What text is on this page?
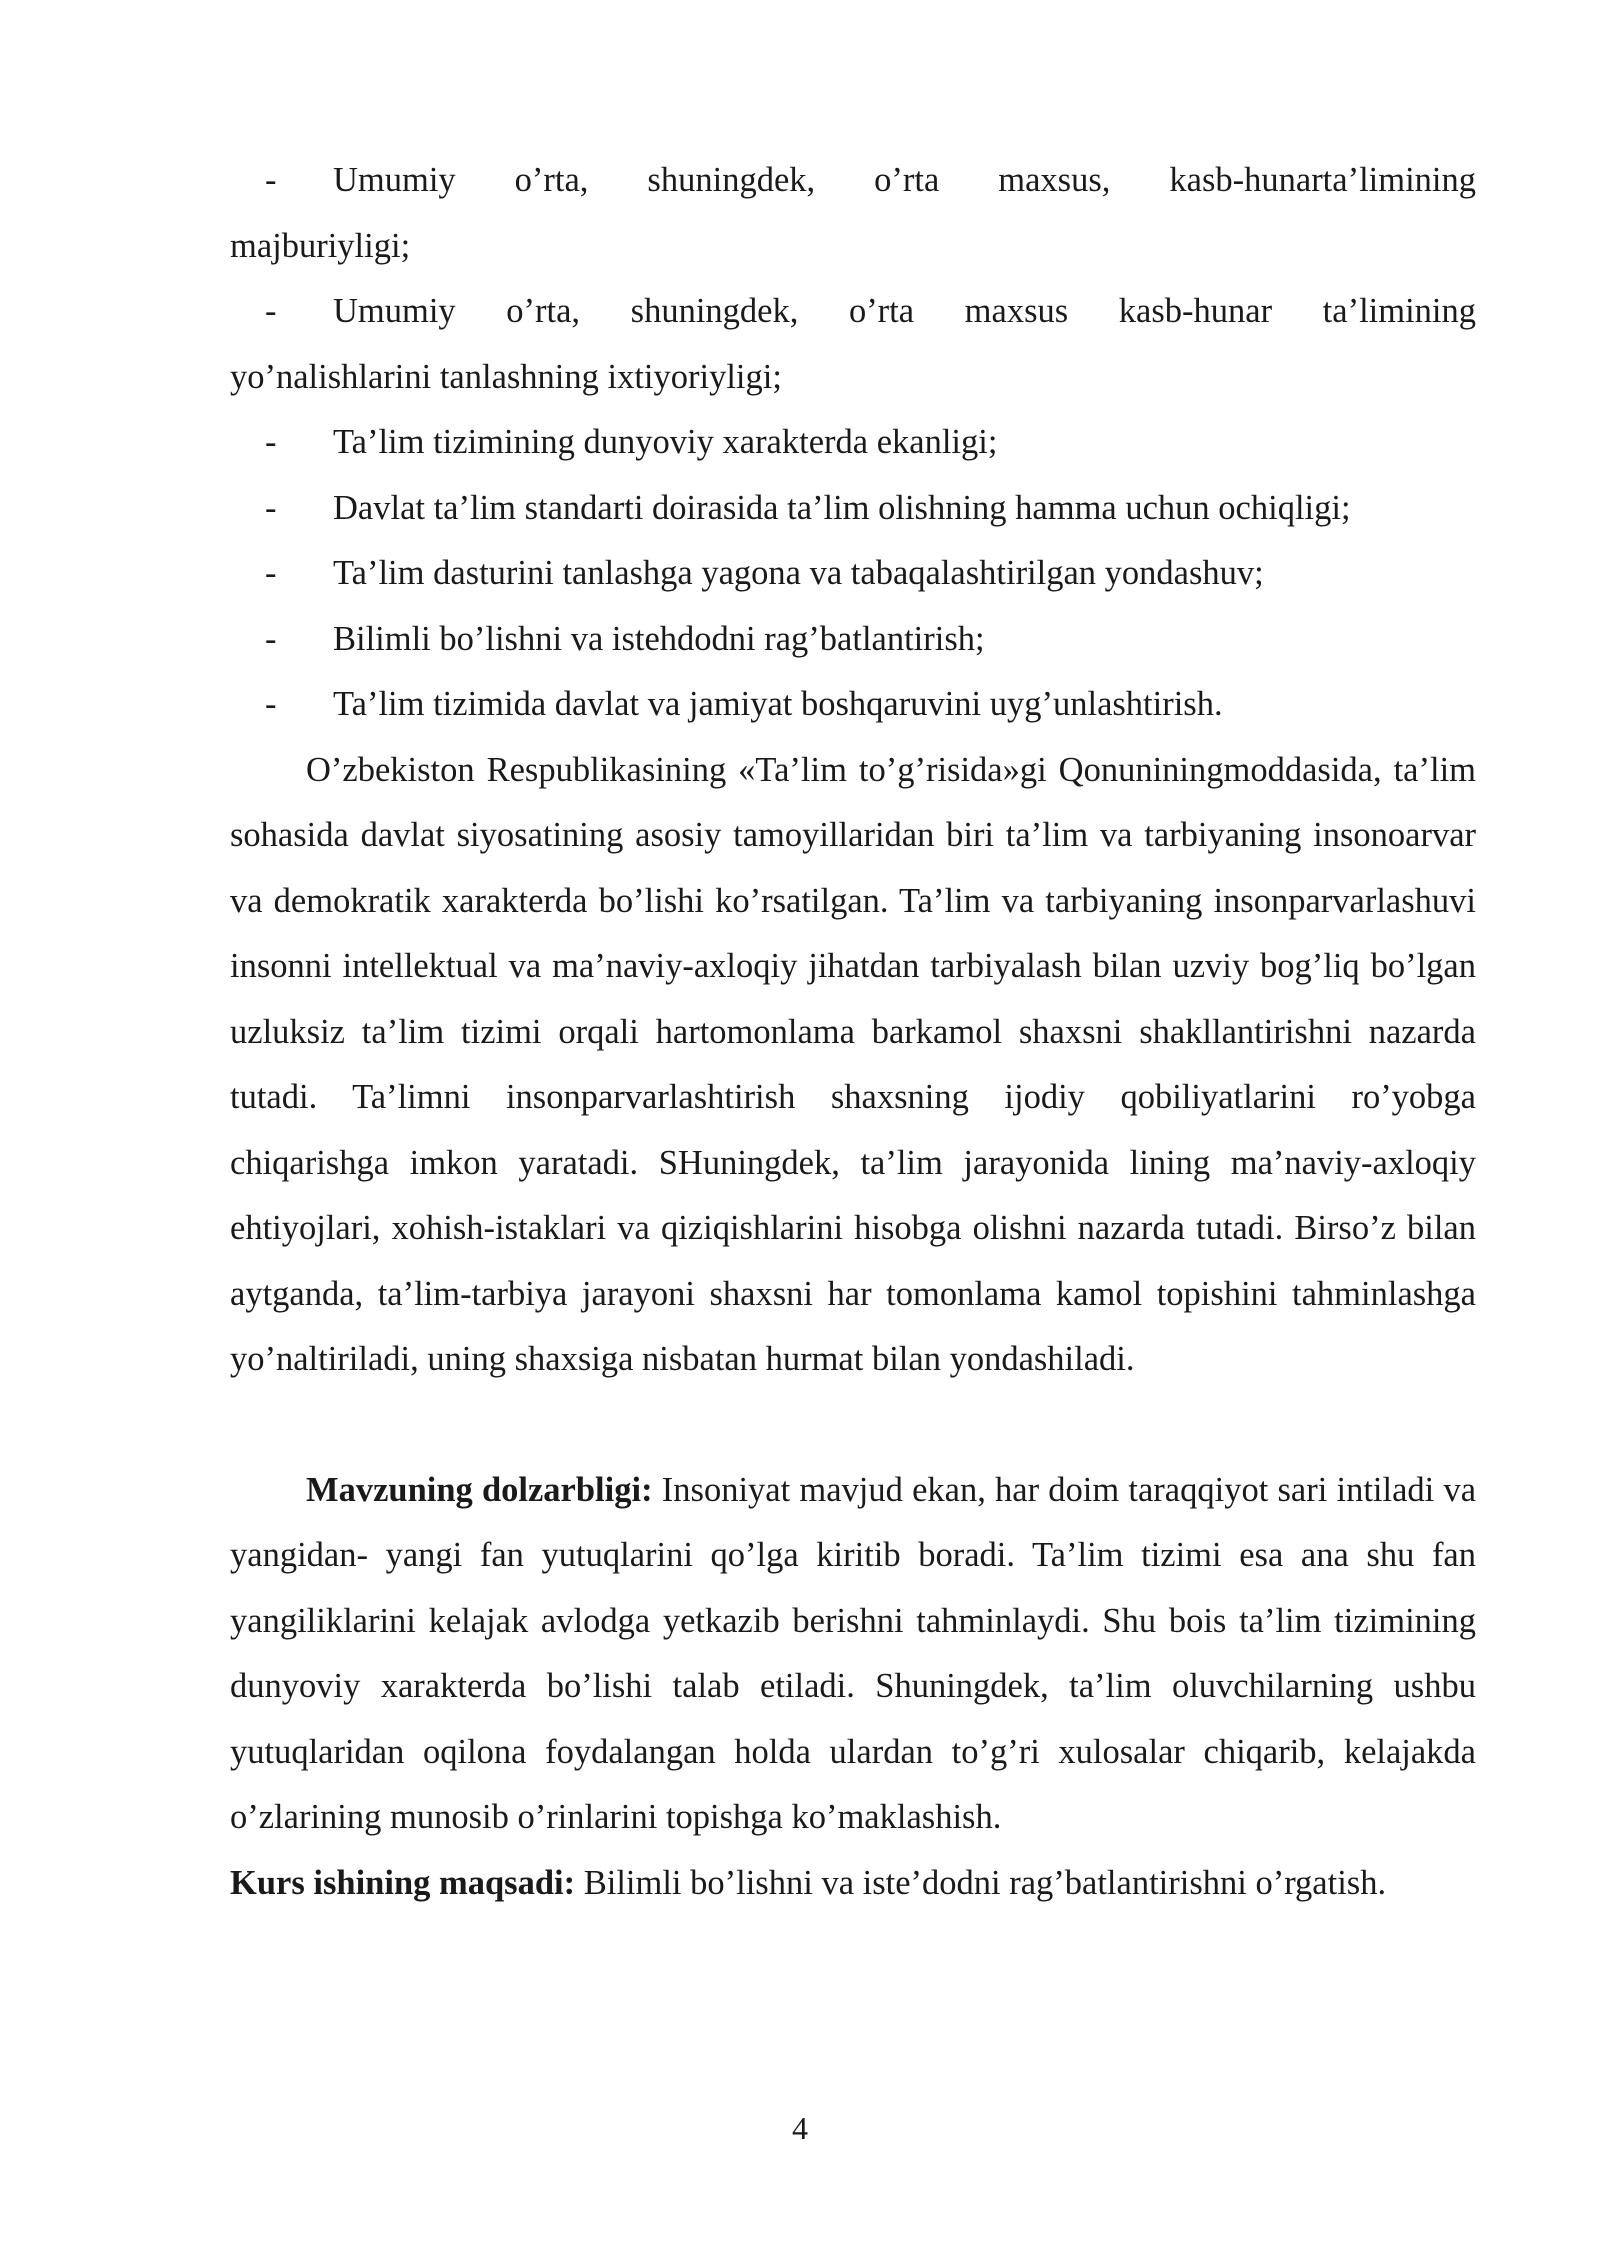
-	Umumiy o’rta, shuningdek, o’rta maxsus, kasb-hunarta’limining
majburiyligi;
-	Umumiy o’rta, shuningdek, o’rta maxsus kasb-hunar ta’limining
yo’nalishlarini tanlashning ixtiyoriyligi;
-	Ta’lim tizimining dunyoviy xarakterda ekanligi;
-	Davlat ta’lim standarti doirasida ta’lim olishning hamma uchun ochiqligi;
-	Ta’lim dasturini tanlashga yagona va tabaqalashtirilgan yondashuv;
-	Bilimli bo’lishni va istehdodni rag’batlantirish;
-	Ta’lim tizimida davlat va jamiyat boshqaruvini uyg’unlashtirish.

O’zbekiston Respublikasining «Ta’lim to’g’risida»gi Qonuniningmoddasida, ta’lim sohasida davlat siyosatining asosiy tamoyillaridan biri ta’lim va tarbiyaning insonoarvar va demokratik xarakterda bo’lishi ko’rsatilgan. Ta’lim va tarbiyaning insonparvarlashuvi insonni intellektual va ma’naviy-axloqiy jihatdan tarbiyalash bilan uzviy bog’liq bo’lgan uzluksiz ta’lim tizimi orqali hartomonlama barkamol shaxsni shakllantirishni nazarda tutadi. Ta’limni insonparvarlashtirish shaxsning ijodiy qobiliyatlarini ro’yobga chiqarishga imkon yaratadi. SHuningdek, ta’lim jarayonida lining ma’naviy-axloqiy ehtiyojlari, xohish-istaklari va qiziqishlarini hisobga olishni nazarda tutadi. Birso’z bilan aytganda, ta’lim-tarbiya jarayoni shaxsni har tomonlama kamol topishini tahminlashga yo’naltiriladi, uning shaxsiga nisbatan hurmat bilan yondashiladi.

Mavzuning dolzarbligi: Insoniyat mavjud ekan, har doim taraqqiyot sari intiladi va yangidan- yangi fan yutuqlarini qo’lga kiritib boradi. Ta’lim tizimi esa ana shu fan yangiliklarini kelajak avlodga yetkazib berishni tahminlaydi. Shu bois ta’lim tizimining dunyoviy xarakterda bo’lishi talab etiladi. Shuningdek, ta’lim oluvchilarning ushbu yutuqlaridan oqilona foydalangan holda ulardan to’g’ri xulosalar chiqarib, kelajakda o’zlarining munosib o’rinlarini topishga ko’maklashish.

Kurs ishining maqsadi: Bilimli bo’lishni va iste’dodni rag’batlantirishni o’rgatish.

4
